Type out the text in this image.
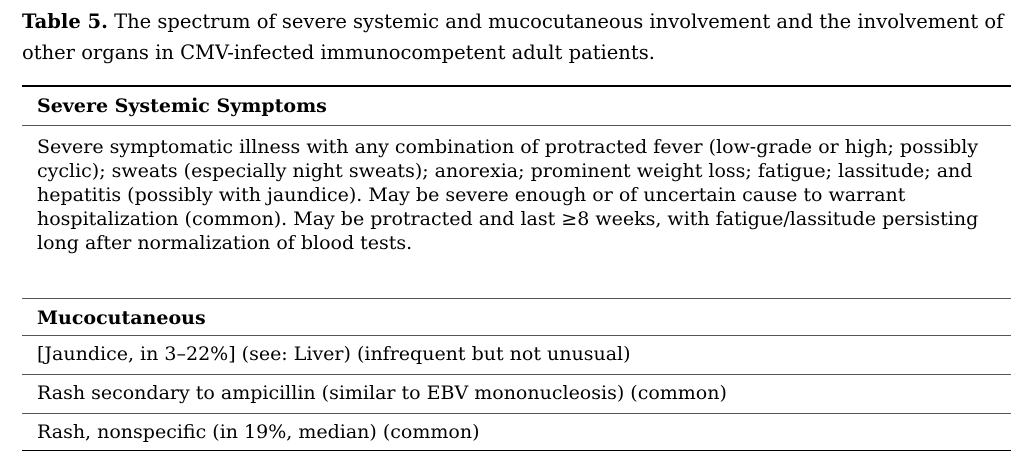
Table 5. The spectrum of severe systemic and mucocutaneous involvement and the involvement of other organs in CMV-infected immunocompetent adult patients.

Severe Systemic Symptoms
Severe symptomatic illness with any combination of protracted fever (low-grade or high; possibly cyclic); sweats (especially night sweats); anorexia; prominent weight loss; fatigue; lassitude; and hepatitis (possibly with jaundice). May be severe enough or of uncertain cause to warrant hospitalization (common). May be protracted and last ≥8 weeks, with fatigue/lassitude persisting long after normalization of blood tests.
Mucocutaneous
[Jaundice, in 3–22%] (see: Liver) (infrequent but not unusual)
Rash secondary to ampicillin (similar to EBV mononucleosis) (common)
Rash, nonspecific (in 19%, median) (common)
